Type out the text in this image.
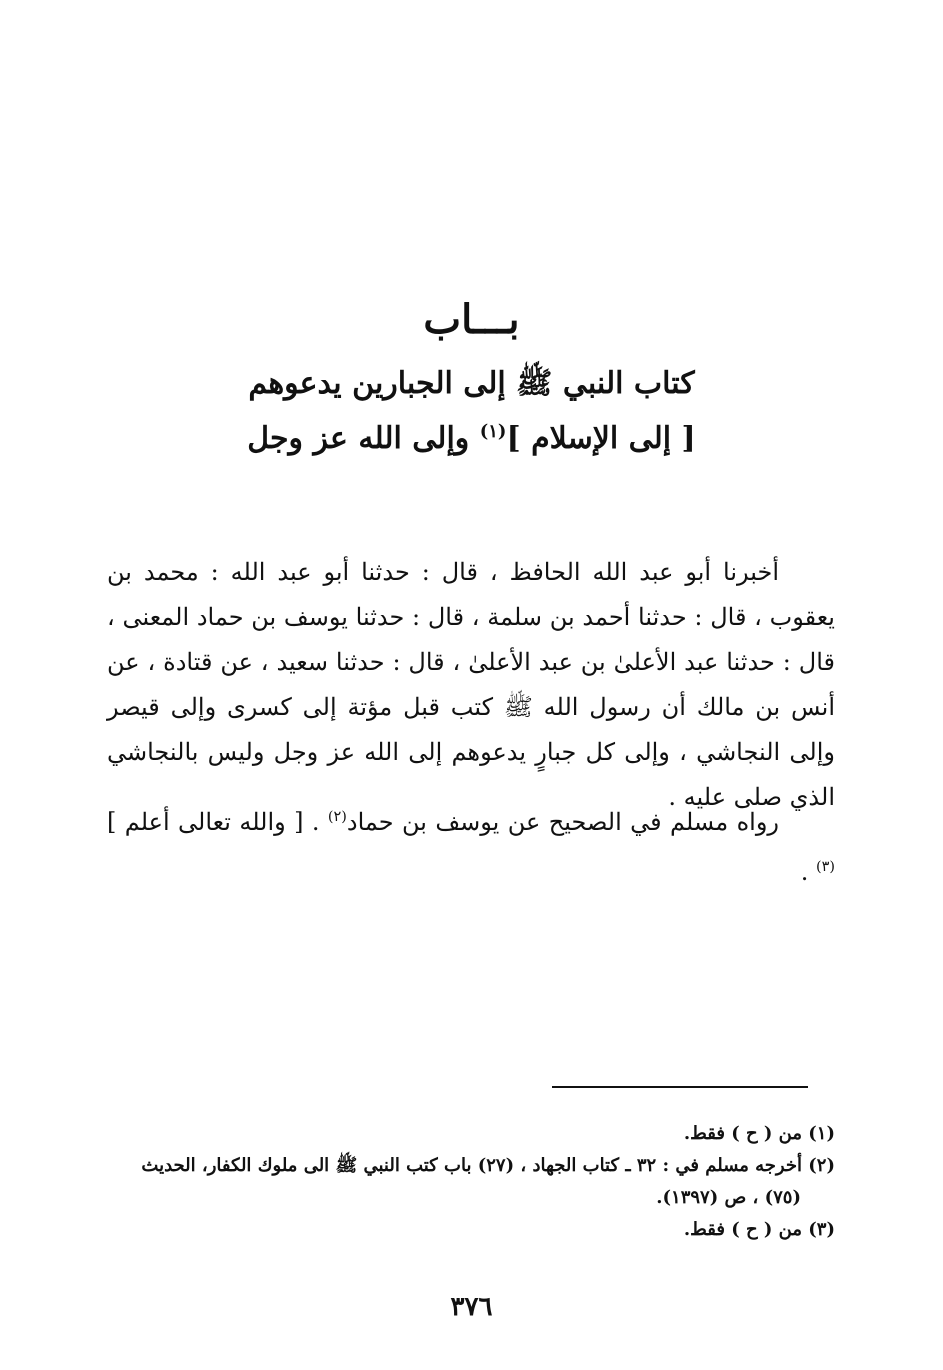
بـــاب
كتاب النبي ﷺ إلى الجبارين يدعوهم
[ إلى الإسلام ]$^{(١)}$ وإلى الله عز وجل
أخبرنا أبو عبد الله الحافظ ، قال : حدثنا أبو عبد الله : محمد بن يعقوب ، قال : حدثنا أحمد بن سلمة ، قال : حدثنا يوسف بن حماد المعنى ، قال : حدثنا عبد الأعلىٰ بن عبد الأعلىٰ ، قال : حدثنا سعيد ، عن قتادة ، عن أنس بن مالك أن رسول الله ﷺ كتب قبل مؤتة إلى كسرى وإلى قيصر وإلى النجاشي ، وإلى كل جبارٍ يدعوهم إلى الله عز وجل وليس بالنجاشي الذي صلى عليه .
رواه مسلم في الصحيح عن يوسف بن حماد$^{(٢)}$ . [ والله تعالى أعلم ]$^{(٣)}$ .

(١) من ( ح ) فقط.

(٢) أخرجه مسلم في : ٣٢ ـ كتاب الجهاد ، (٢٧) باب كتب النبي ﷺ الى ملوك الكفار، الحديث
(٧٥) ، ص (١٣٩٧).

(٣) من ( ح ) فقط.

٣٧٦
